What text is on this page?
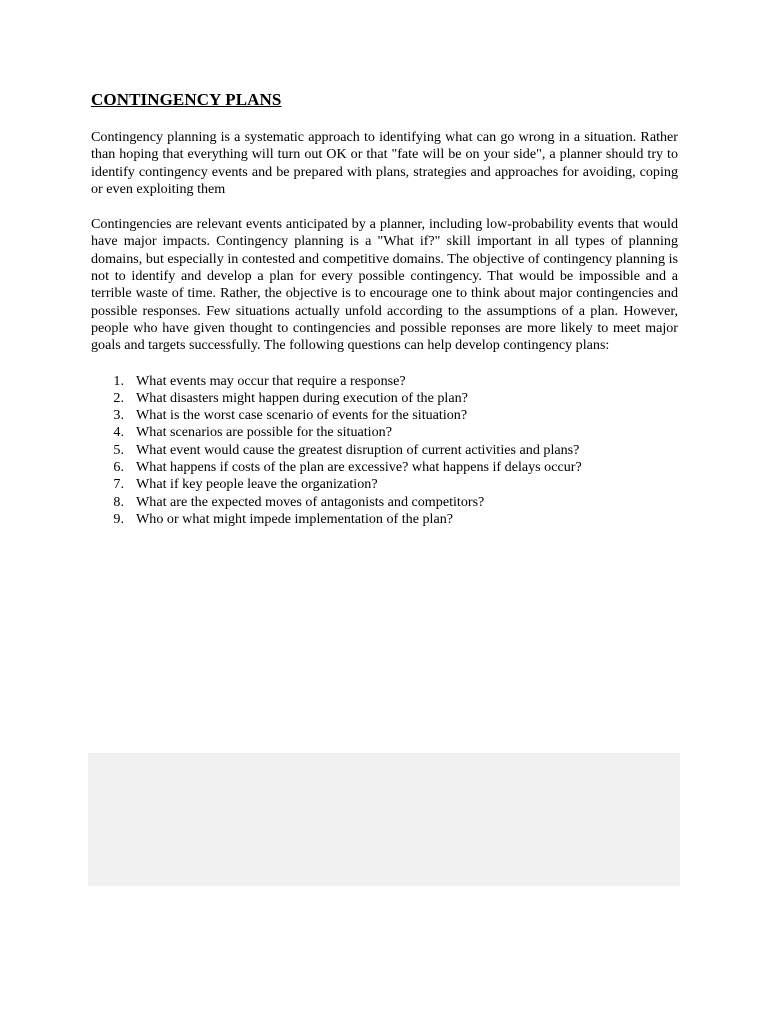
CONTINGENCY PLANS

Contingency planning is a systematic approach to identifying what can go wrong in a situation. Rather than hoping that everything will turn out OK or that "fate will be on your side", a planner should try to identify contingency events and be prepared with plans, strategies and approaches for avoiding, coping or even exploiting them

Contingencies are relevant events anticipated by a planner, including low-probability events that would have major impacts. Contingency planning is a "What if?" skill important in all types of planning domains, but especially in contested and competitive domains. The objective of contingency planning is not to identify and develop a plan for every possible contingency. That would be impossible and a terrible waste of time. Rather, the objective is to encourage one to think about major contingencies and possible responses. Few situations actually unfold according to the assumptions of a plan. However, people who have given thought to contingencies and possible reponses are more likely to meet major goals and targets successfully. The following questions can help develop contingency plans:

1. What events may occur that require a response?
2. What disasters might happen during execution of the plan?
3. What is the worst case scenario of events for the situation?
4. What scenarios are possible for the situation?
5. What event would cause the greatest disruption of current activities and plans?
6. What happens if costs of the plan are excessive? what happens if delays occur?
7. What if key people leave the organization?
8. What are the expected moves of antagonists and competitors?
9. Who or what might impede implementation of the plan?
